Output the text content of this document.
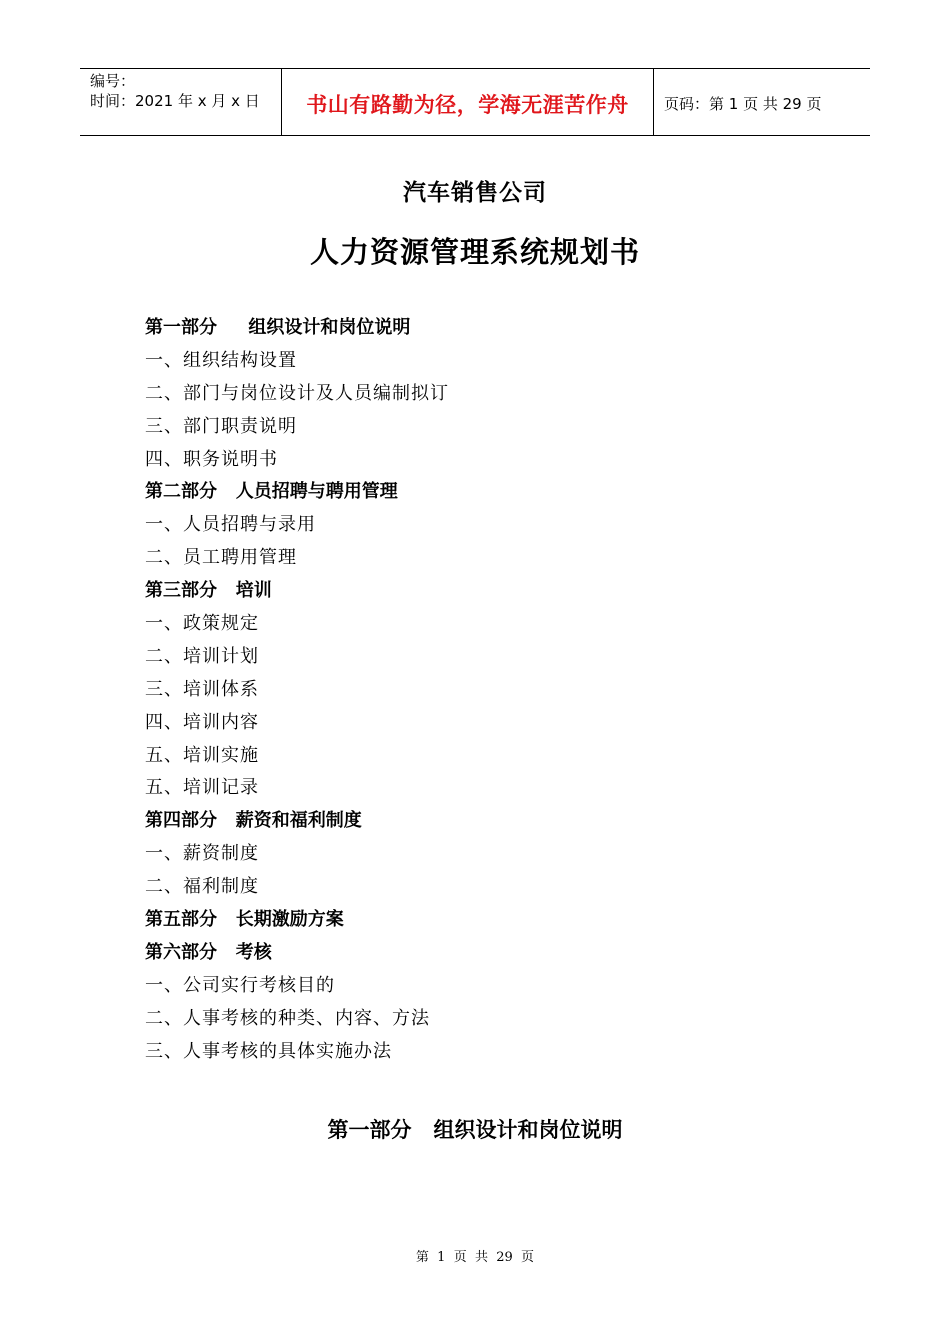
编号：
时间：2021 年 x 月 x 日	书山有路勤为径，学海无涯苦作舟 页码：第 1 页 共 29 页
汽车销售公司
人力资源管理系统规划书
第一部分     组织设计和岗位说明
一、组织结构设置
二、部门与岗位设计及人员编制拟订
三、部门职责说明
四、职务说明书
第二部分   人员招聘与聘用管理
一、人员招聘与录用
二、员工聘用管理
第三部分   培训
一、政策规定
二、培训计划
三、培训体系
四、培训内容
五、培训实施
五、培训记录
第四部分   薪资和福利制度
一、薪资制度
二、福利制度
第五部分   长期激励方案
第六部分   考核
一、公司实行考核目的
二、人事考核的种类、内容、方法
三、人事考核的具体实施办法
第一部分   组织设计和岗位说明
第  1  页  共  29  页
